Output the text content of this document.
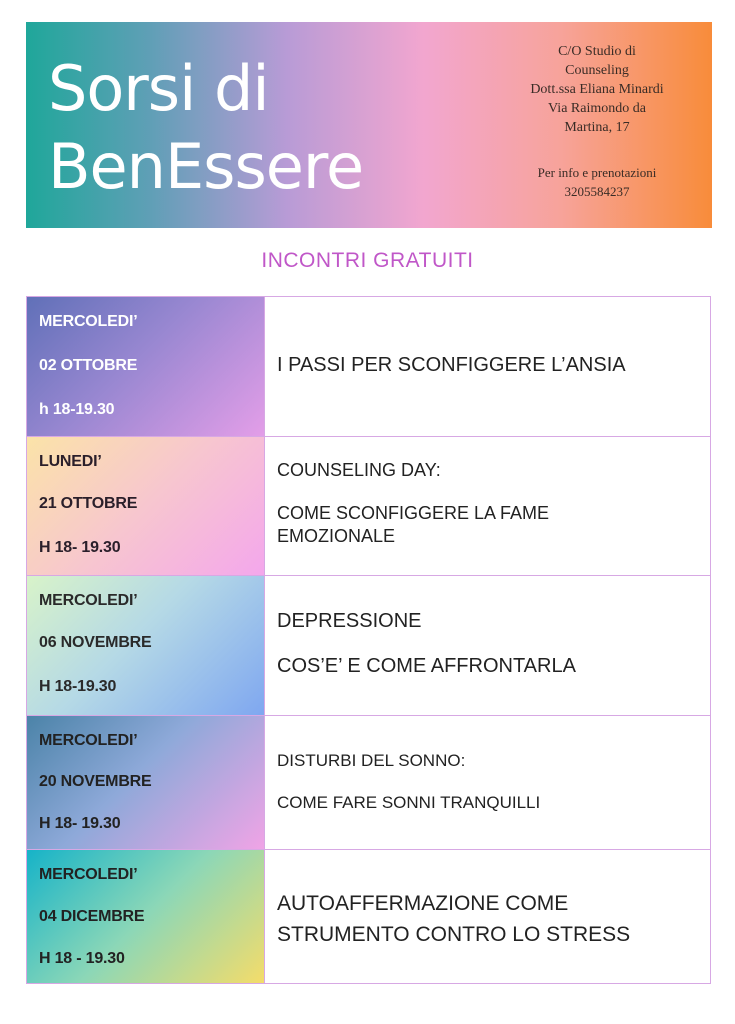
Sorsi di
BenEssere
C/O Studio di
Counseling
Dott.ssa Eliana Minardi
Via Raimondo da
Martina, 17
Per info e prenotazioni
3205584237
INCONTRI GRATUITI
MERCOLEDI’
02 OTTOBRE
h 18-19.30
I PASSI PER SCONFIGGERE L’ANSIA
LUNEDI’
21 OTTOBRE
H 18- 19.30
COUNSELING DAY:
COME SCONFIGGERE LA FAME EMOZIONALE
MERCOLEDI’
06 NOVEMBRE
H 18-19.30
DEPRESSIONE
COS’E’ E COME AFFRONTARLA
MERCOLEDI’
20 NOVEMBRE
H 18- 19.30
DISTURBI DEL SONNO:
COME FARE SONNI TRANQUILLI
MERCOLEDI’
04 DICEMBRE
H 18 - 19.30
AUTOAFFERMAZIONE COME STRUMENTO CONTRO LO STRESS
